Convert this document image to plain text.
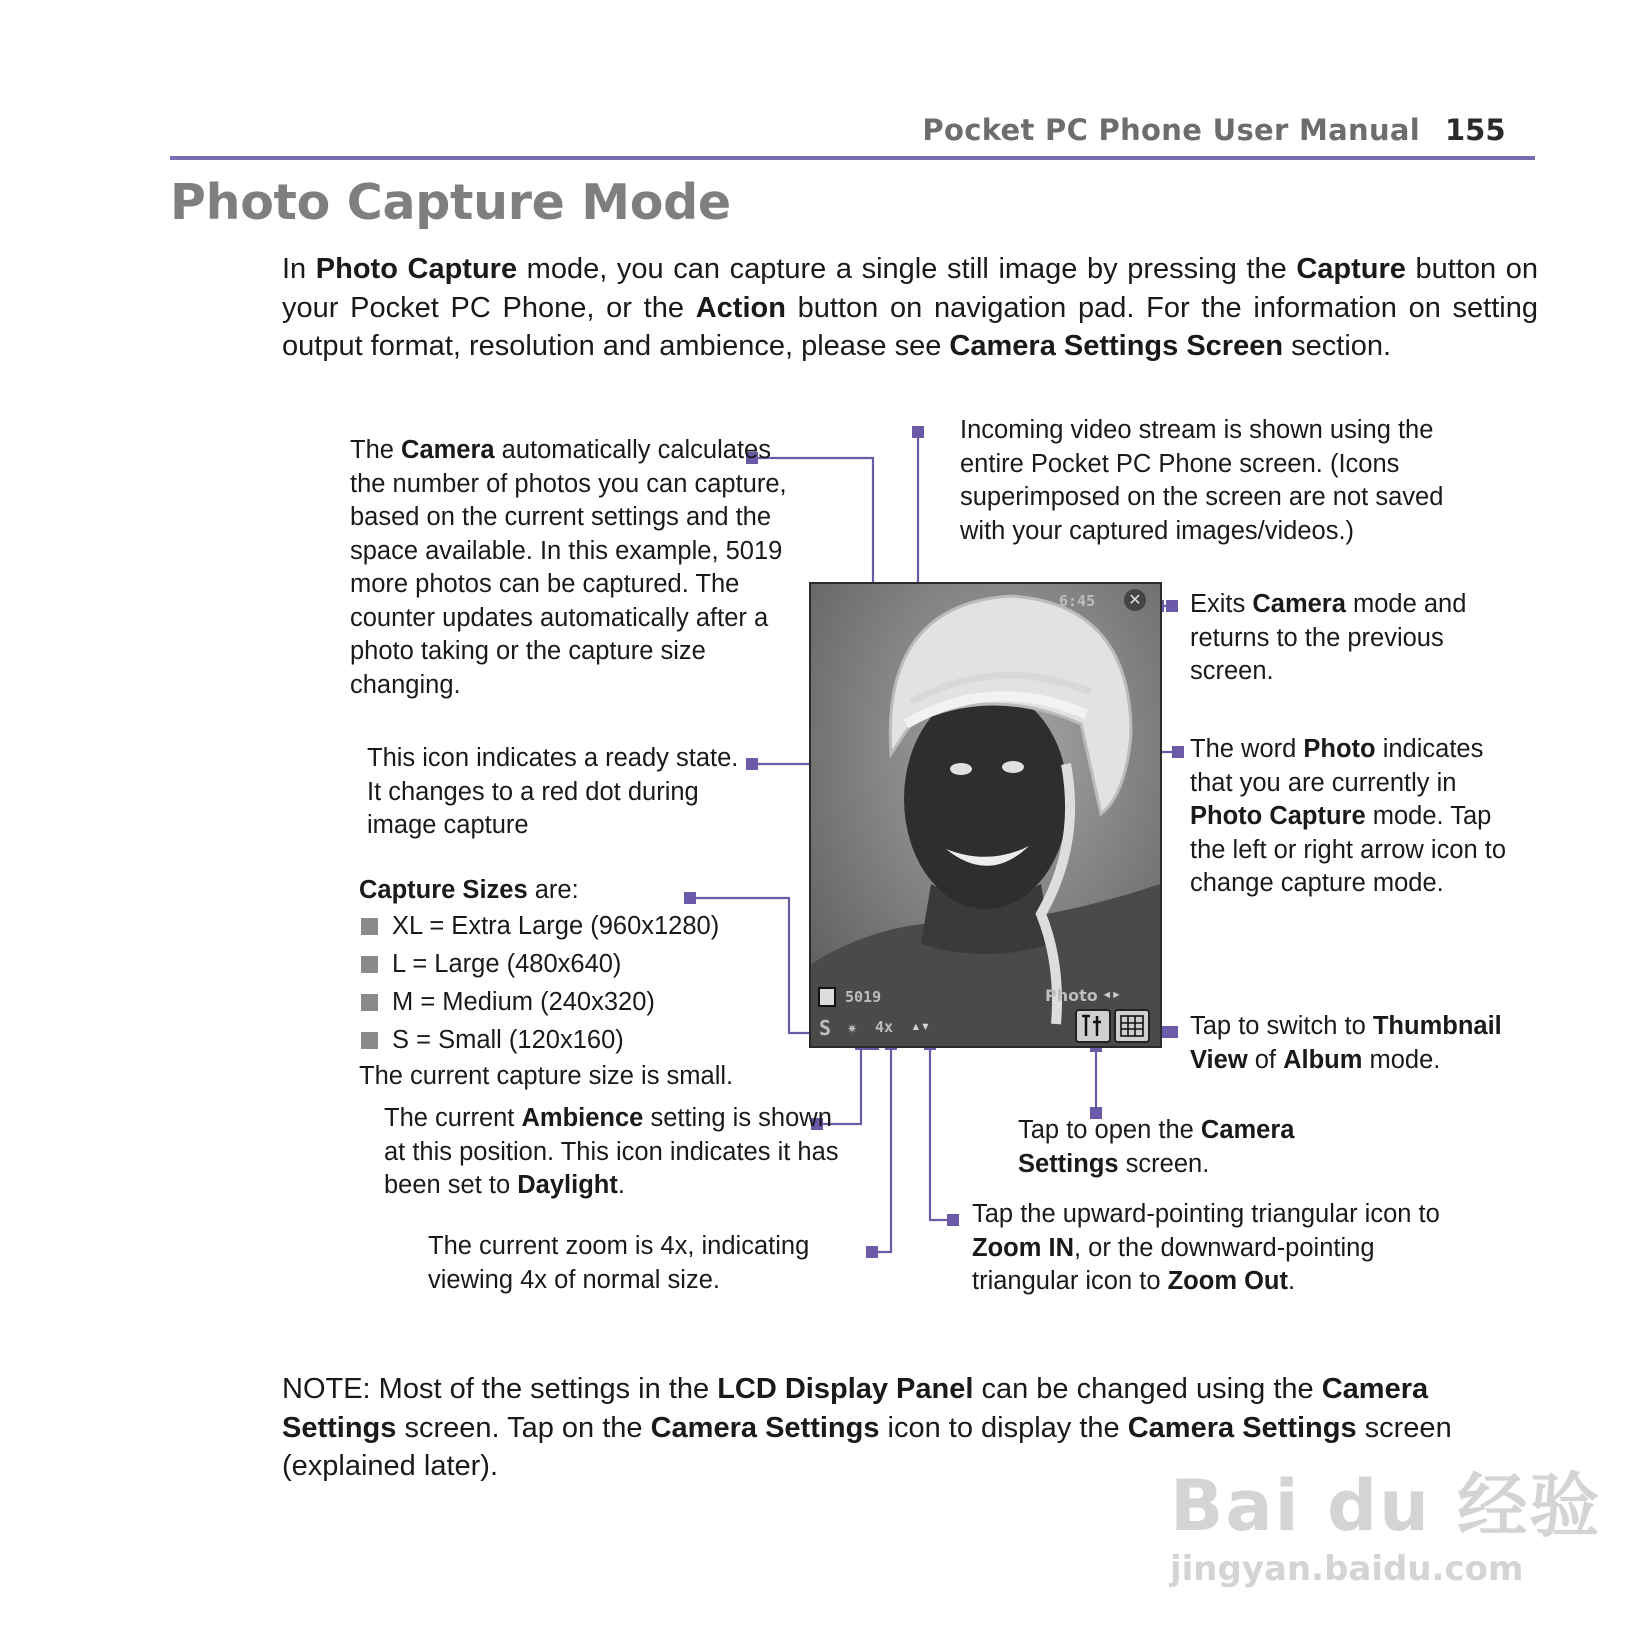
Pocket PC Phone User Manual 155
Photo Capture Mode
In Photo Capture mode, you can capture a single still image by pressing the Capture button on your Pocket PC Phone, or the Action button on navigation pad. For the information on setting output format, resolution and ambience, please see Camera Settings Screen section.
6:45 ✕
5019	Photo ◂▸
S ✷ 4x ▴▾
The Camera automatically calculates the number of photos you can capture, based on the current settings and the space available. In this example, 5019 more photos can be captured. The counter updates automatically after a photo taking or the capture size changing.
This icon indicates a ready state. It changes to a red dot during image capture
Capture Sizes are:
XL = Extra Large (960x1280)
L = Large (480x640)
M = Medium (240x320)
S = Small (120x160)
The current capture size is small.
The current Ambience setting is shown at this position. This icon indicates it has been set to Daylight.
The current zoom is 4x, indicating viewing 4x of normal size.
Incoming video stream is shown using the entire Pocket PC Phone screen. (Icons superimposed on the screen are not saved with your captured images/videos.)
Exits Camera mode and returns to the previous screen.
The word Photo indicates that you are currently in Photo Capture mode. Tap the left or right arrow icon to change capture mode.
Tap to switch to Thumbnail View of Album mode.
Tap to open the Camera Settings screen.
Tap the upward-pointing triangular icon to Zoom IN, or the downward-pointing triangular icon to Zoom Out.
NOTE: Most of the settings in the LCD Display Panel can be changed using the Camera Settings screen. Tap on the Camera Settings icon to display the Camera Settings screen (explained later).	Bai du 经验
jingyan.baidu.com
